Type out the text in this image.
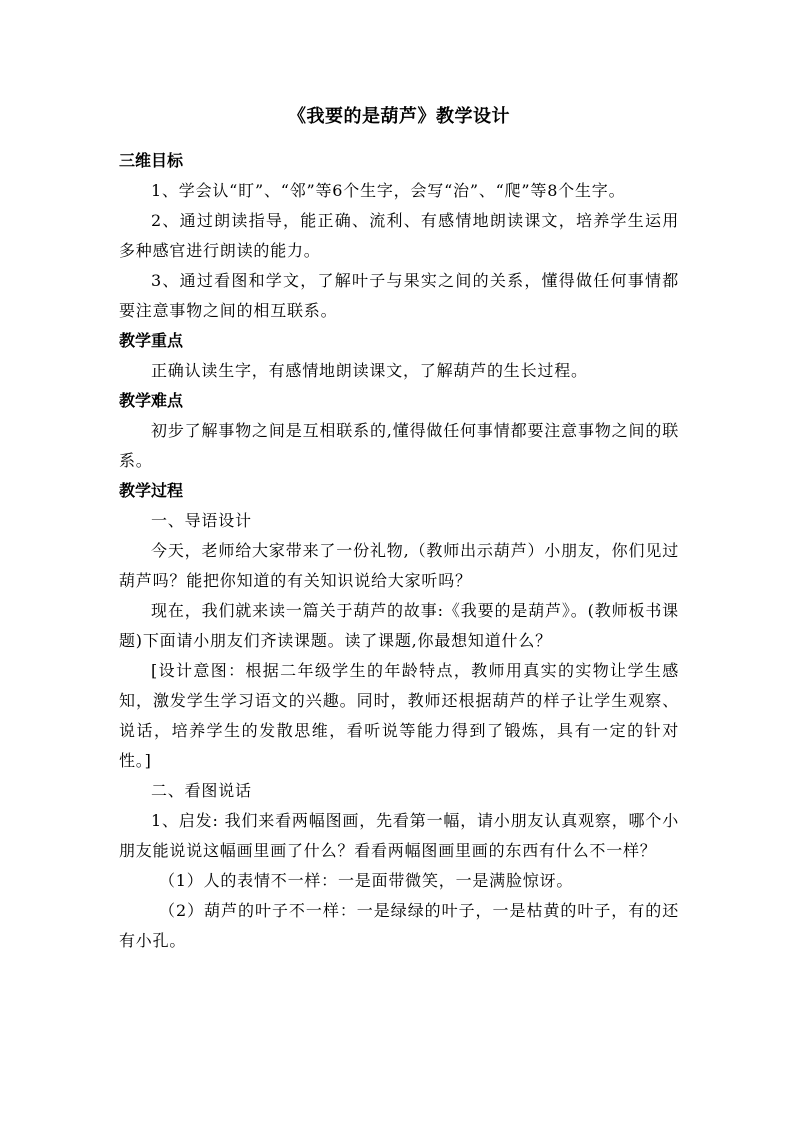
《我要的是葫芦》教学设计
三维目标

1、学会认“盯”、“邻”等6个生字，会写“治”、“爬”等8个生字。

2、通过朗读指导，能正确、流利、有感情地朗读课文，培养学生运用多种感官进行朗读的能力。

3、通过看图和学文，了解叶子与果实之间的关系，懂得做任何事情都要注意事物之间的相互联系。

教学重点

正确认读生字，有感情地朗读课文，了解葫芦的生长过程。

教学难点

初步了解事物之间是互相联系的,懂得做任何事情都要注意事物之间的联系。

教学过程

一、导语设计

今天，老师给大家带来了一份礼物,（教师出示葫芦）小朋友，你们见过葫芦吗？能把你知道的有关知识说给大家听吗？

现在，我们就来读一篇关于葫芦的故事:《我要的是葫芦》。(教师板书课题)下面请小朋友们齐读课题。读了课题,你最想知道什么？

[设计意图：根据二年级学生的年龄特点，教师用真实的实物让学生感知，激发学生学习语文的兴趣。同时，教师还根据葫芦的样子让学生观察、说话，培养学生的发散思维，看听说等能力得到了锻炼，具有一定的针对性。]

二、看图说话

1、启发: 我们来看两幅图画，先看第一幅，请小朋友认真观察，哪个小朋友能说说这幅画里画了什么？看看两幅图画里画的东西有什么不一样？

（1）人的表情不一样：一是面带微笑，一是满脸惊讶。

（2）葫芦的叶子不一样：一是绿绿的叶子，一是枯黄的叶子，有的还有小孔。
